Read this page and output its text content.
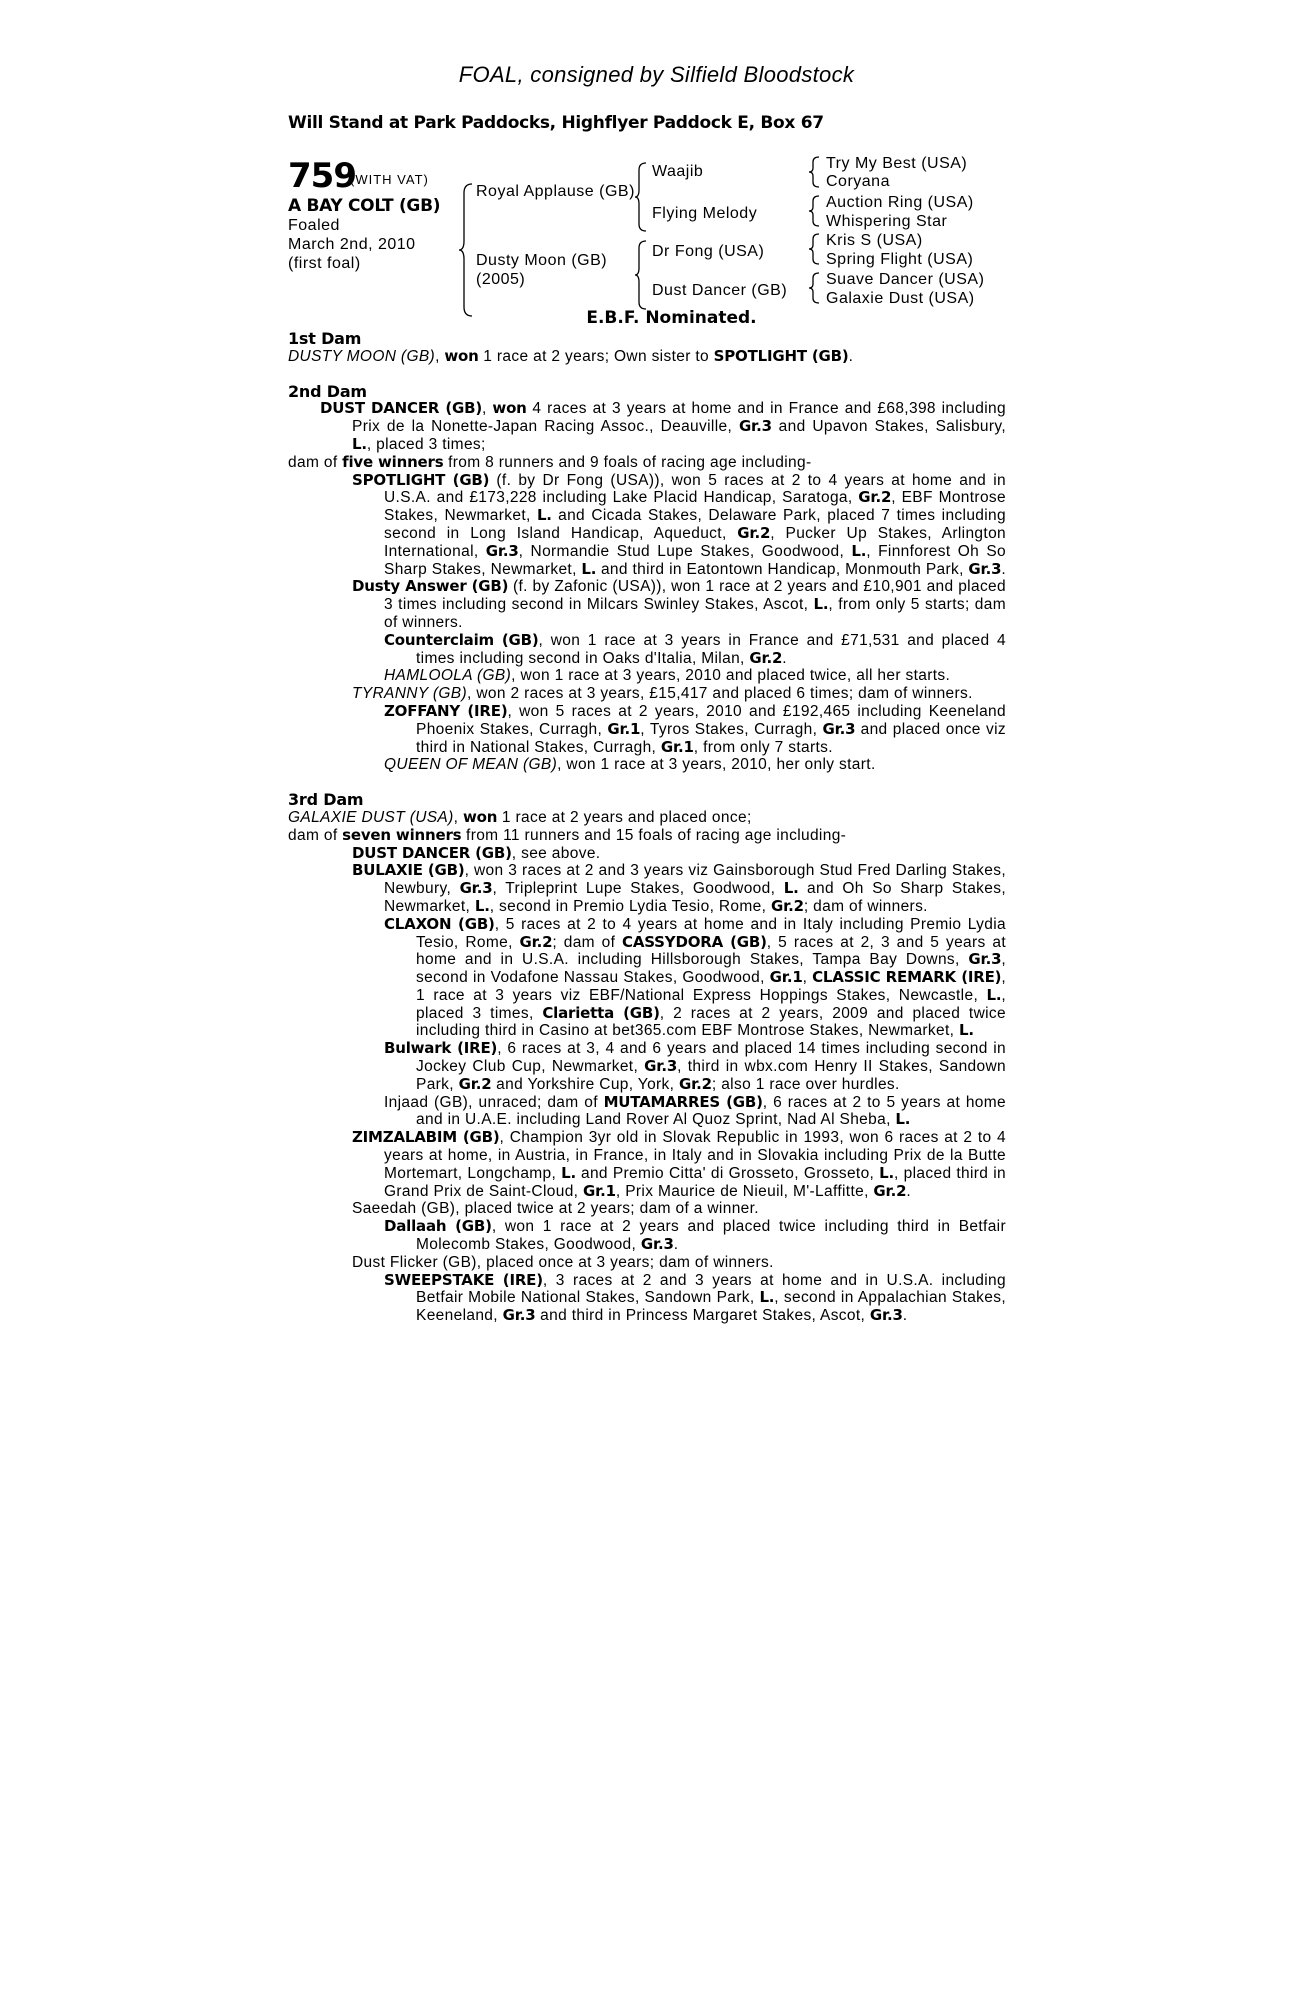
FOAL, consigned by Silfield Bloodstock
Will Stand at Park Paddocks, Highflyer Paddock E, Box 67
759
(WITH VAT)
A BAY COLT (GB)
Foaled
March 2nd, 2010
(first foal)
Royal Applause (GB)
Dusty Moon (GB)
(2005)
Waajib
Flying Melody
Dr Fong (USA)
Dust Dancer (GB)
Try My Best (USA)
Coryana
Auction Ring (USA)
Whispering Star
Kris S (USA)
Spring Flight (USA)
Suave Dancer (USA)
Galaxie Dust (USA)
E.B.F. Nominated.

1st Dam

DUSTY MOON (GB), won 1 race at 2 years; Own sister to SPOTLIGHT (GB).

2nd Dam

DUST DANCER (GB), won 4 races at 3 years at home and in France and £68,398 including Prix de la Nonette-Japan Racing Assoc., Deauville, Gr.3 and Upavon Stakes, Salisbury, L., placed 3 times;

dam of five winners from 8 runners and 9 foals of racing age including-

SPOTLIGHT (GB) (f. by Dr Fong (USA)), won 5 races at 2 to 4 years at home and in U.S.A. and £173,228 including Lake Placid Handicap, Saratoga, Gr.2, EBF Montrose Stakes, Newmarket, L. and Cicada Stakes, Delaware Park, placed 7 times including second in Long Island Handicap, Aqueduct, Gr.2, Pucker Up Stakes, Arlington International, Gr.3, Normandie Stud Lupe Stakes, Goodwood, L., Finnforest Oh So Sharp Stakes, Newmarket, L. and third in Eatontown Handicap, Monmouth Park, Gr.3.

Dusty Answer (GB) (f. by Zafonic (USA)), won 1 race at 2 years and £10,901 and placed 3 times including second in Milcars Swinley Stakes, Ascot, L., from only 5 starts; dam of winners.

Counterclaim (GB), won 1 race at 3 years in France and £71,531 and placed 4 times including second in Oaks d'Italia, Milan, Gr.2.

HAMLOOLA (GB), won 1 race at 3 years, 2010 and placed twice, all her starts.

TYRANNY (GB), won 2 races at 3 years, £15,417 and placed 6 times; dam of winners.

ZOFFANY (IRE), won 5 races at 2 years, 2010 and £192,465 including Keeneland Phoenix Stakes, Curragh, Gr.1, Tyros Stakes, Curragh, Gr.3 and placed once viz third in National Stakes, Curragh, Gr.1, from only 7 starts.

QUEEN OF MEAN (GB), won 1 race at 3 years, 2010, her only start.

3rd Dam

GALAXIE DUST (USA), won 1 race at 2 years and placed once;

dam of seven winners from 11 runners and 15 foals of racing age including-

DUST DANCER (GB), see above.

BULAXIE (GB), won 3 races at 2 and 3 years viz Gainsborough Stud Fred Darling Stakes, Newbury, Gr.3, Tripleprint Lupe Stakes, Goodwood, L. and Oh So Sharp Stakes, Newmarket, L., second in Premio Lydia Tesio, Rome, Gr.2; dam of winners.

CLAXON (GB), 5 races at 2 to 4 years at home and in Italy including Premio Lydia Tesio, Rome, Gr.2; dam of CASSYDORA (GB), 5 races at 2, 3 and 5 years at home and in U.S.A. including Hillsborough Stakes, Tampa Bay Downs, Gr.3, second in Vodafone Nassau Stakes, Goodwood, Gr.1, CLASSIC REMARK (IRE), 1 race at 3 years viz EBF/National Express Hoppings Stakes, Newcastle, L., placed 3 times, Clarietta (GB), 2 races at 2 years, 2009 and placed twice including third in Casino at bet365.com EBF Montrose Stakes, Newmarket, L.

Bulwark (IRE), 6 races at 3, 4 and 6 years and placed 14 times including second in Jockey Club Cup, Newmarket, Gr.3, third in wbx.com Henry II Stakes, Sandown Park, Gr.2 and Yorkshire Cup, York, Gr.2; also 1 race over hurdles.

Injaad (GB), unraced; dam of MUTAMARRES (GB), 6 races at 2 to 5 years at home and in U.A.E. including Land Rover Al Quoz Sprint, Nad Al Sheba, L.

ZIMZALABIM (GB), Champion 3yr old in Slovak Republic in 1993, won 6 races at 2 to 4 years at home, in Austria, in France, in Italy and in Slovakia including Prix de la Butte Mortemart, Longchamp, L. and Premio Citta' di Grosseto, Grosseto, L., placed third in Grand Prix de Saint-Cloud, Gr.1, Prix Maurice de Nieuil, M'-Laffitte, Gr.2.

Saeedah (GB), placed twice at 2 years; dam of a winner.

Dallaah (GB), won 1 race at 2 years and placed twice including third in Betfair Molecomb Stakes, Goodwood, Gr.3.

Dust Flicker (GB), placed once at 3 years; dam of winners.

SWEEPSTAKE (IRE), 3 races at 2 and 3 years at home and in U.S.A. including Betfair Mobile National Stakes, Sandown Park, L., second in Appalachian Stakes, Keeneland, Gr.3 and third in Princess Margaret Stakes, Ascot, Gr.3.
